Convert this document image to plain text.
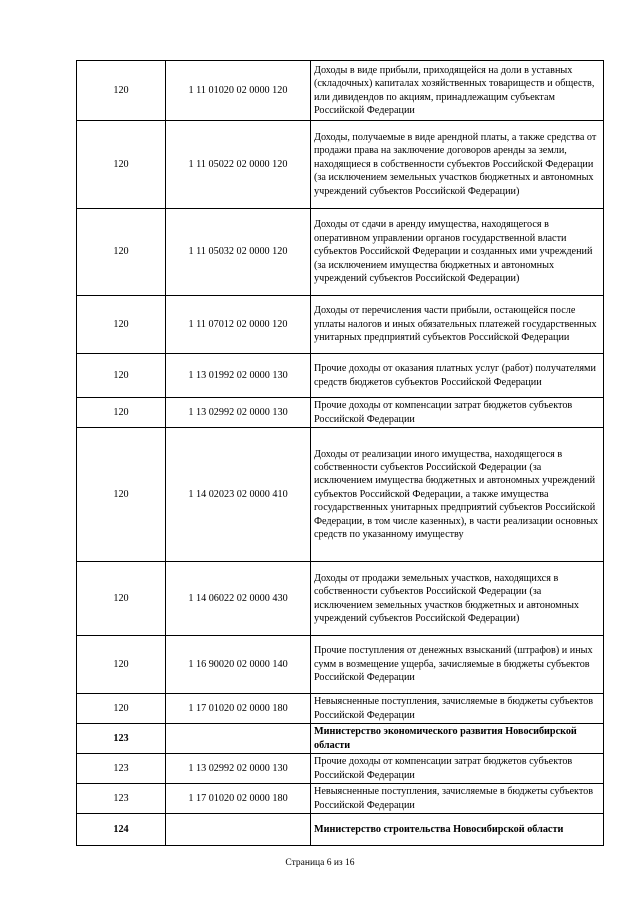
120	1 11 01020 02 0000 120	Доходы в виде прибыли, приходящейся на доли в уставных (складочных) капиталах хозяйственных товариществ и обществ, или дивидендов по акциям, принадлежащим субъектам Российской Федерации
120	1 11 05022 02 0000 120	Доходы, получаемые в виде арендной платы, а также средства от продажи права на заключение договоров аренды за земли, находящиеся в собственности субъектов Российской Федерации (за исключением земельных участков бюджетных и автономных учреждений субъектов Российской Федерации)
120	1 11 05032 02 0000 120	Доходы от сдачи в аренду имущества, находящегося в оперативном управлении органов государственной власти субъектов Российской Федерации и созданных ими учреждений (за исключением имущества бюджетных и автономных учреждений субъектов Российской Федерации)
120	1 11 07012 02 0000 120	Доходы от перечисления части прибыли, остающейся после уплаты налогов и иных обязательных платежей государственных унитарных предприятий субъектов Российской Федерации
120	1 13 01992 02 0000 130	Прочие доходы от оказания платных услуг (работ) получателями средств бюджетов субъектов Российской Федерации
120	1 13 02992 02 0000 130	Прочие доходы от компенсации затрат бюджетов субъектов Российской Федерации
120	1 14 02023 02 0000 410	Доходы от реализации иного имущества, находящегося в собственности субъектов Российской Федерации (за исключением имущества бюджетных и автономных учреждений субъектов Российской Федерации, а также имущества государственных унитарных предприятий субъектов Российской Федерации, в том числе казенных), в части реализации основных средств по указанному имуществу
120	1 14 06022 02 0000 430	Доходы от продажи земельных участков, находящихся в собственности субъектов Российской Федерации (за исключением земельных участков бюджетных и автономных учреждений субъектов Российской Федерации)
120	1 16 90020 02 0000 140	Прочие поступления от денежных взысканий (штрафов) и иных сумм в возмещение ущерба, зачисляемые в бюджеты субъектов Российской Федерации
120	1 17 01020 02 0000 180	Невыясненные поступления, зачисляемые в бюджеты субъектов Российской Федерации
123		Министерство экономического развития Новосибирской области
123	1 13 02992 02 0000 130	Прочие доходы от компенсации затрат бюджетов субъектов Российской Федерации
123	1 17 01020 02 0000 180	Невыясненные поступления, зачисляемые в бюджеты субъектов Российской Федерации
124		Министерство строительства Новосибирской области
Страница 6 из 16
